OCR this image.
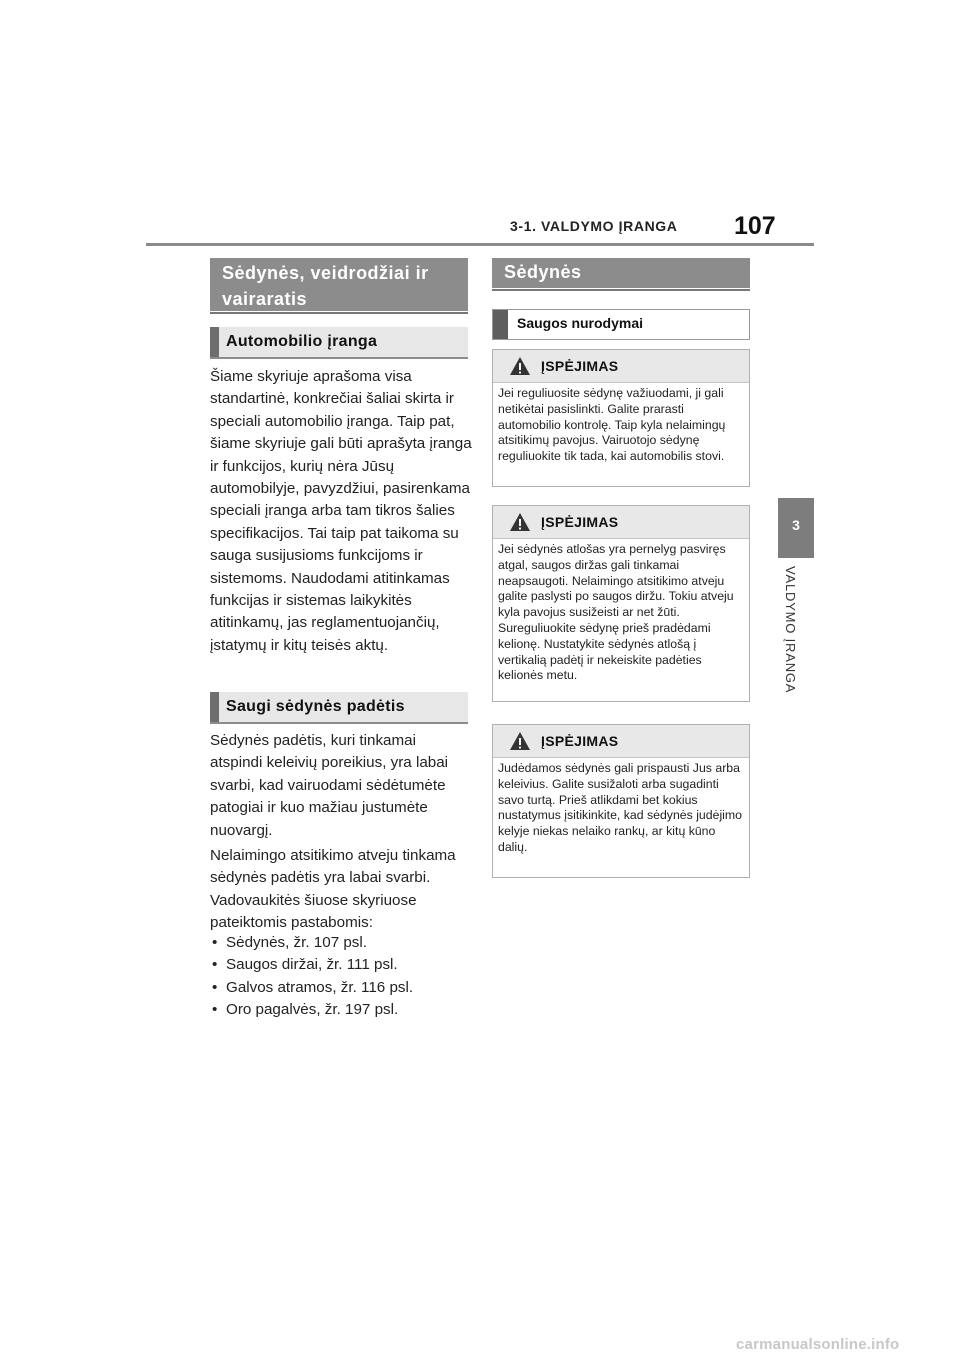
3-1. VALDYMO ĮRANGA 107
3
VALDYMO ĮRANGA
Sėdynės, veidrodžiai ir vairaratis
Automobilio įranga
Šiame skyriuje aprašoma visa standartinė, konkrečiai šaliai skirta ir speciali automobilio įranga. Taip pat, šiame skyriuje gali būti aprašyta įranga ir funkcijos, kurių nėra Jūsų automobilyje, pavyzdžiui, pasirenkama speciali įranga arba tam tikros šalies specifikacijos. Tai taip pat taikoma su sauga susijusioms funkcijoms ir sistemoms. Naudodami atitinkamas funkcijas ir sistemas laikykitės atitinkamų, jas reglamentuojančių, įstatymų ir kitų teisės aktų.
Saugi sėdynės padėtis
Sėdynės padėtis, kuri tinkamai atspindi keleivių poreikius, yra labai svarbi, kad vairuodami sėdėtumėte patogiai ir kuo mažiau justumėte nuovargį.
Nelaimingo atsitikimo atveju tinkama sėdynės padėtis yra labai svarbi. Vadovaukitės šiuose skyriuose pateiktomis pastabomis:
• Sėdynės, žr. 107 psl.
• Saugos diržai, žr. 111 psl.
• Galvos atramos, žr. 116 psl.
• Oro pagalvės, žr. 197 psl.
Sėdynės
Saugos nurodymai
ĮSPĖJIMAS
Jei reguliuosite sėdynę važiuodami, ji gali netikėtai pasislinkti. Galite prarasti automobilio kontrolę. Taip kyla nelaimingų atsitikimų pavojus. Vairuotojo sėdynę reguliuokite tik tada, kai automobilis stovi.
ĮSPĖJIMAS
Jei sėdynės atlošas yra pernelyg pasviręs atgal, saugos diržas gali tinkamai neapsaugoti. Nelaimingo atsitikimo atveju galite paslysti po saugos diržu. Tokiu atveju kyla pavojus susižeisti ar net žūti. Sureguliuokite sėdynę prieš pradėdami kelionę. Nustatykite sėdynės atlošą į vertikalią padėtį ir nekeiskite padėties kelionės metu.
ĮSPĖJIMAS
Judėdamos sėdynės gali prispausti Jus arba keleivius. Galite susižaloti arba sugadinti savo turtą. Prieš atlikdami bet kokius nustatymus įsitikinkite, kad sėdynės judėjimo kelyje niekas nelaiko rankų, ar kitų kūno dalių.
carmanualsonline.info
